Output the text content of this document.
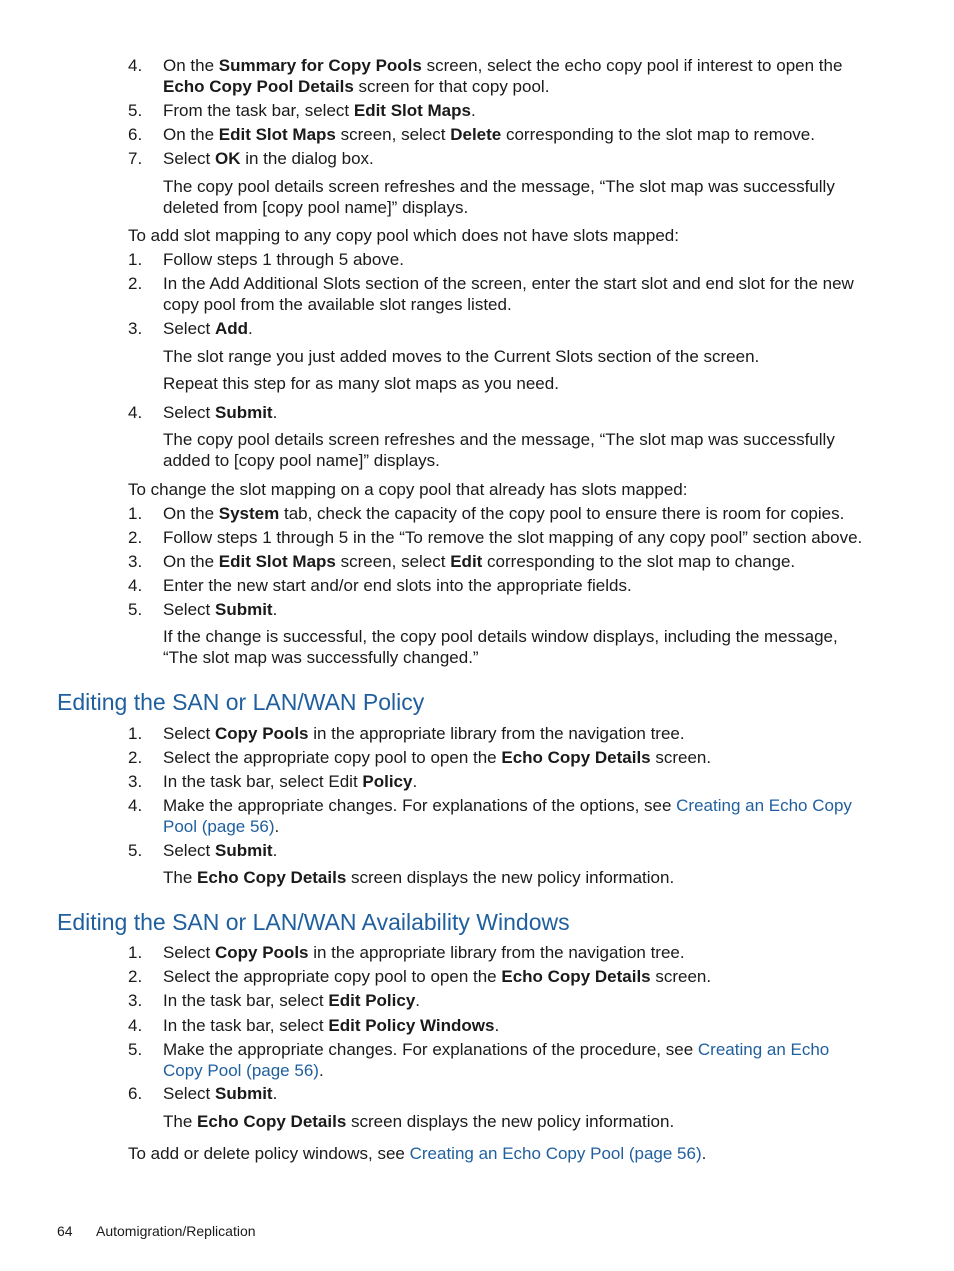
4.	On the Summary for Copy Pools screen, select the echo copy pool if interest to open the Echo Copy Pool Details screen for that copy pool.
5.	From the task bar, select Edit Slot Maps.
6.	On the Edit Slot Maps screen, select Delete corresponding to the slot map to remove.
7.	Select OK in the dialog box.
The copy pool details screen refreshes and the message, “The slot map was successfully deleted from [copy pool name]” displays.
To add slot mapping to any copy pool which does not have slots mapped:
1.	Follow steps 1 through 5 above.
2.	In the Add Additional Slots section of the screen, enter the start slot and end slot for the new copy pool from the available slot ranges listed.
3.	Select Add.
The slot range you just added moves to the Current Slots section of the screen.
Repeat this step for as many slot maps as you need.
4.	Select Submit.
The copy pool details screen refreshes and the message, “The slot map was successfully added to [copy pool name]” displays.
To change the slot mapping on a copy pool that already has slots mapped:
1.	On the System tab, check the capacity of the copy pool to ensure there is room for copies.
2.	Follow steps 1 through 5 in the “To remove the slot mapping of any copy pool” section above.
3.	On the Edit Slot Maps screen, select Edit corresponding to the slot map to change.
4.	Enter the new start and/or end slots into the appropriate fields.
5.	Select Submit.
If the change is successful, the copy pool details window displays, including the message, “The slot map was successfully changed.”
Editing the SAN or LAN/WAN Policy
1.	Select Copy Pools in the appropriate library from the navigation tree.
2.	Select the appropriate copy pool to open the Echo Copy Details screen.
3.	In the task bar, select Edit Policy.
4.	Make the appropriate changes. For explanations of the options, see Creating an Echo Copy Pool (page 56).
5.	Select Submit.
The Echo Copy Details screen displays the new policy information.
Editing the SAN or LAN/WAN Availability Windows
1.	Select Copy Pools in the appropriate library from the navigation tree.
2.	Select the appropriate copy pool to open the Echo Copy Details screen.
3.	In the task bar, select Edit Policy.
4.	In the task bar, select Edit Policy Windows.
5.	Make the appropriate changes. For explanations of the procedure, see Creating an Echo Copy Pool (page 56).
6.	Select Submit.
The Echo Copy Details screen displays the new policy information.
To add or delete policy windows, see Creating an Echo Copy Pool (page 56).
64 Automigration/Replication
